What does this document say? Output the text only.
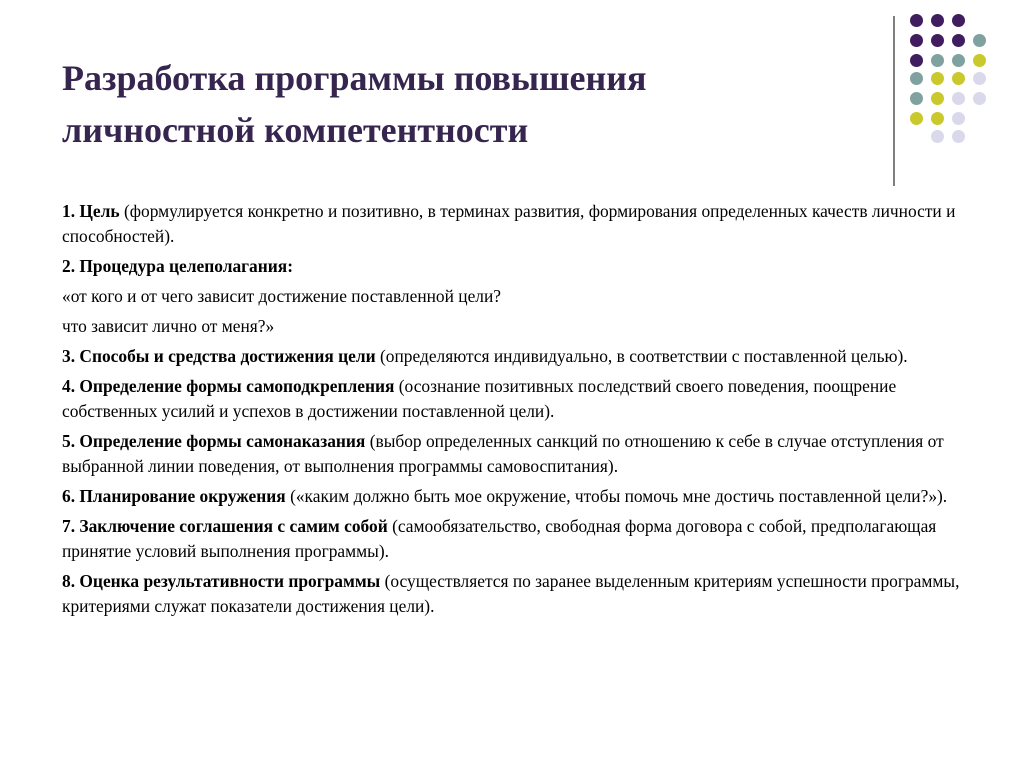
Разработка программы повышения
личностной компетентности

1. Цель (формулируется конкретно и позитивно, в терминах развития, формирования определенных качеств личности и способностей).

2. Процедура целеполагания:

«от кого и от чего зависит достижение поставленной цели?

что зависит лично от меня?»

3. Способы и средства достижения цели (определяются индивидуально, в соответствии с поставленной целью).

4. Определение формы самоподкрепления (осознание позитивных последствий своего поведения, поощрение собственных усилий и успехов в достижении поставленной цели).

5. Определение формы самонаказания (выбор определенных санкций по отношению к себе в случае отступления от выбранной линии поведения, от выполнения программы самовоспитания).

6. Планирование окружения («каким должно быть мое окружение, чтобы помочь мне достичь поставленной цели?»).

7. Заключение соглашения с самим собой (самообязательство, свободная форма договора с собой, предполагающая принятие условий выполнения программы).

8. Оценка результативности программы (осуществляется по заранее выделенным критериям успешности программы, критериями служат показатели достижения цели).
